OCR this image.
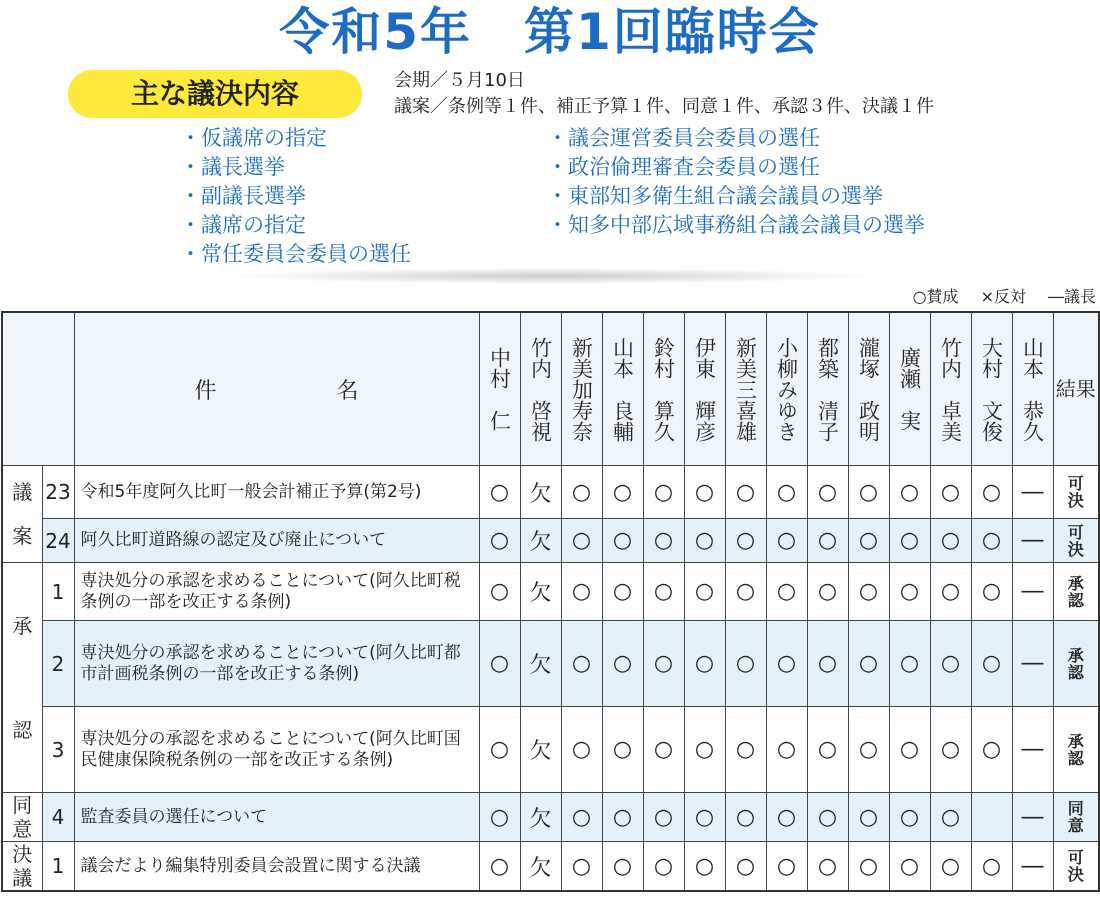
令和5年　第1回臨時会
主な議決内容	会期／５月10日
議案／条例等１件、補正予算１件、同意１件、承認３件、決議１件
・ 仮議席の指定
・ 議長選挙
・ 副議長選挙
・ 議席の指定
・ 常任委員会委員の選任
・ 議会運営委員会委員の選任
・ 政治倫理審査会委員の選任
・ 東部知多衛生組合議会議員の選挙
・ 知多中部広域事務組合議会議員の選挙
○賛成 ×反対 ―議長
		件名	中村　仁	竹内　啓視	新美加寿奈	山本　良輔	鈴村　算久	伊東　輝彦	新美三喜雄	小柳みゆき	都築　清子	瀧塚　政明	廣瀬　実	竹内　卓美	大村　文俊	山本　恭久	結果
議案	23	令和5年度阿久比町一般会計補正予算(第2号)	○	欠	○	○	○	○	○	○	○	○	○	○	○	―	可決
	24	阿久比町道路線の認定及び廃止について	○	欠	○	○	○	○	○	○	○	○	○	○	○	―	可決
承認	1	専決処分の承認を求めることについて(阿久比町税条例の一部を改正する条例)	○	欠	○	○	○	○	○	○	○	○	○	○	○	―	承認
	2	専決処分の承認を求めることについて(阿久比町都市計画税条例の一部を改正する条例)	○	欠	○	○	○	○	○	○	○	○	○	○	○	―	承認
	3	専決処分の承認を求めることについて(阿久比町国民健康保険税条例の一部を改正する条例)	○	欠	○	○	○	○	○	○	○	○	○	○	○	―	承認
同意	4	監査委員の選任について	○	欠	○	○	○	○	○	○	○	○	○	○		―	同意
決議	1	議会だより編集特別委員会設置に関する決議	○	欠	○	○	○	○	○	○	○	○	○	○	○	―	可決
